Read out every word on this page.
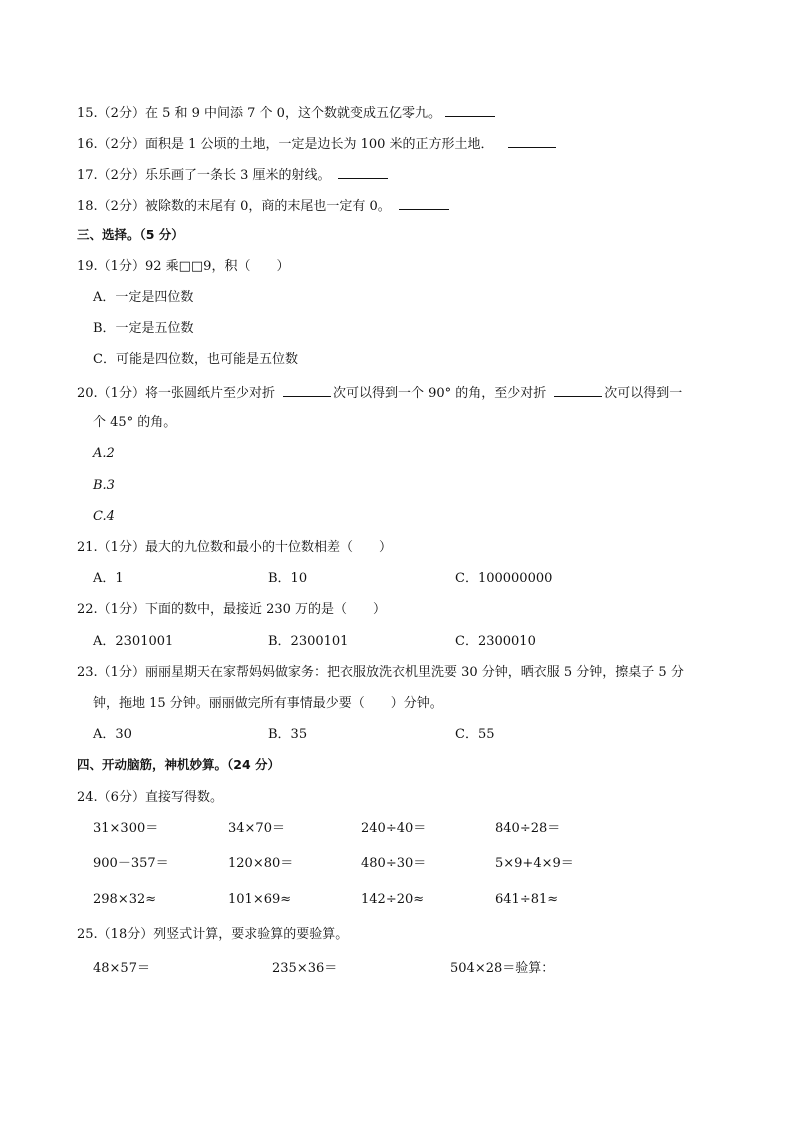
15.（2分）在 5 和 9 中间添 7 个 0，这个数就变成五亿零九。
16.（2分）面积是 1 公顷的土地，一定是边长为 100 米的正方形土地．
17.（2分）乐乐画了一条长 3 厘米的射线。
18.（2分）被除数的末尾有 0，商的末尾也一定有 0。
三、选择。（5 分）
19.（1分）92 乘□□9，积（　　）
A．一定是四位数
B．一定是五位数
C．可能是四位数，也可能是五位数
20.（1分）将一张圆纸片至少对折	次可以得到一个 90° 的角，至少对折	次可以得到一
个 45° 的角。
A.2
B.3
C.4
21.（1分）最大的九位数和最小的十位数相差（　　）
A．1	B．10	C．100000000
22.（1分）下面的数中，最接近 230 万的是（　　）
A．2301001	B．2300101	C．2300010
23.（1分）丽丽星期天在家帮妈妈做家务：把衣服放洗衣机里洗要 30 分钟，晒衣服 5 分钟，擦桌子 5 分
钟，拖地 15 分钟。丽丽做完所有事情最少要（　　）分钟。
A．30	B．35	C．55
四、开动脑筋，神机妙算。（24 分）
24.（6分）直接写得数。
31×300＝	34×70＝	240÷40＝	840÷28＝
900－357＝	120×80＝	480÷30＝	5×9+4×9＝
298×32≈	101×69≈	142÷20≈	641÷81≈
25.（18分）列竖式计算，要求验算的要验算。
48×57＝	235×36＝	504×28＝验算：
